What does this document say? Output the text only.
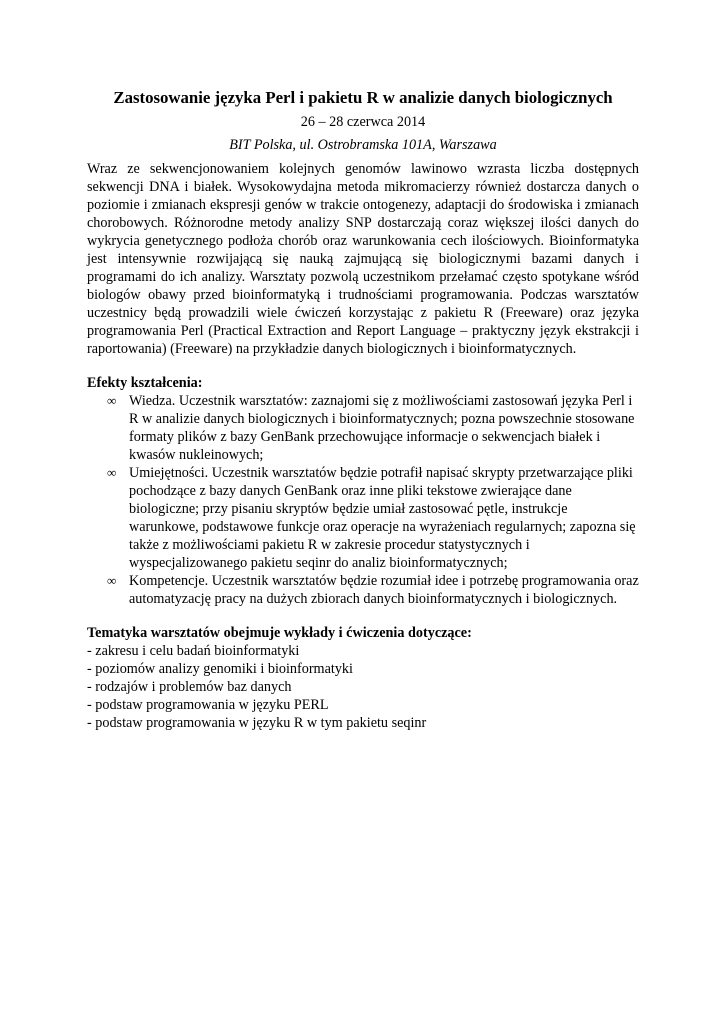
Zastosowanie języka Perl i pakietu R w analizie danych biologicznych
26 – 28 czerwca 2014
BIT Polska, ul. Ostrobramska 101A, Warszawa

Wraz ze sekwencjonowaniem kolejnych genomów lawinowo wzrasta liczba dostępnych sekwencji DNA i białek. Wysokowydajna metoda mikromacierzy również dostarcza danych o poziomie i zmianach ekspresji genów w trakcie ontogenezy, adaptacji do środowiska i zmianach chorobowych. Różnorodne metody analizy SNP dostarczają coraz większej ilości danych do wykrycia genetycznego podłoża chorób oraz warunkowania cech ilościowych. Bioinformatyka jest intensywnie rozwijającą się nauką zajmującą się biologicznymi bazami danych i programami do ich analizy. Warsztaty pozwolą uczestnikom przełamać często spotykane wśród biologów obawy przed bioinformatyką i trudnościami programowania. Podczas warsztatów uczestnicy będą prowadzili wiele ćwiczeń korzystając z pakietu R (Freeware) oraz języka programowania Perl (Practical Extraction and Report Language – praktyczny język ekstrakcji i raportowania) (Freeware) na przykładzie danych biologicznych i bioinformatycznych.

Efekty kształcenia:
∞ Wiedza. Uczestnik warsztatów: zaznajomi się z możliwościami zastosowań języka Perl i R w analizie danych biologicznych i bioinformatycznych; pozna powszechnie stosowane formaty plików z bazy GenBank przechowujące informacje o sekwencjach białek i kwasów nukleinowych;
∞ Umiejętności. Uczestnik warsztatów będzie potrafił napisać skrypty przetwarzające pliki pochodzące z bazy danych GenBank oraz inne pliki tekstowe zwierające dane biologiczne; przy pisaniu skryptów będzie umiał zastosować pętle, instrukcje warunkowe, podstawowe funkcje oraz operacje na wyrażeniach regularnych; zapozna się także z możliwościami pakietu R w zakresie procedur statystycznych i wyspecjalizowanego pakietu seqinr do analiz bioinformatycznych;
∞ Kompetencje. Uczestnik warsztatów będzie rozumiał idee i potrzebę programowania oraz automatyzację pracy na dużych zbiorach danych bioinformatycznych i biologicznych.
Tematyka warsztatów obejmuje wykłady i ćwiczenia dotyczące:
- zakresu i celu badań bioinformatyki
- poziomów analizy genomiki i bioinformatyki
- rodzajów i problemów baz danych
- podstaw programowania w języku PERL
- podstaw programowania w języku R w tym pakietu seqinr
